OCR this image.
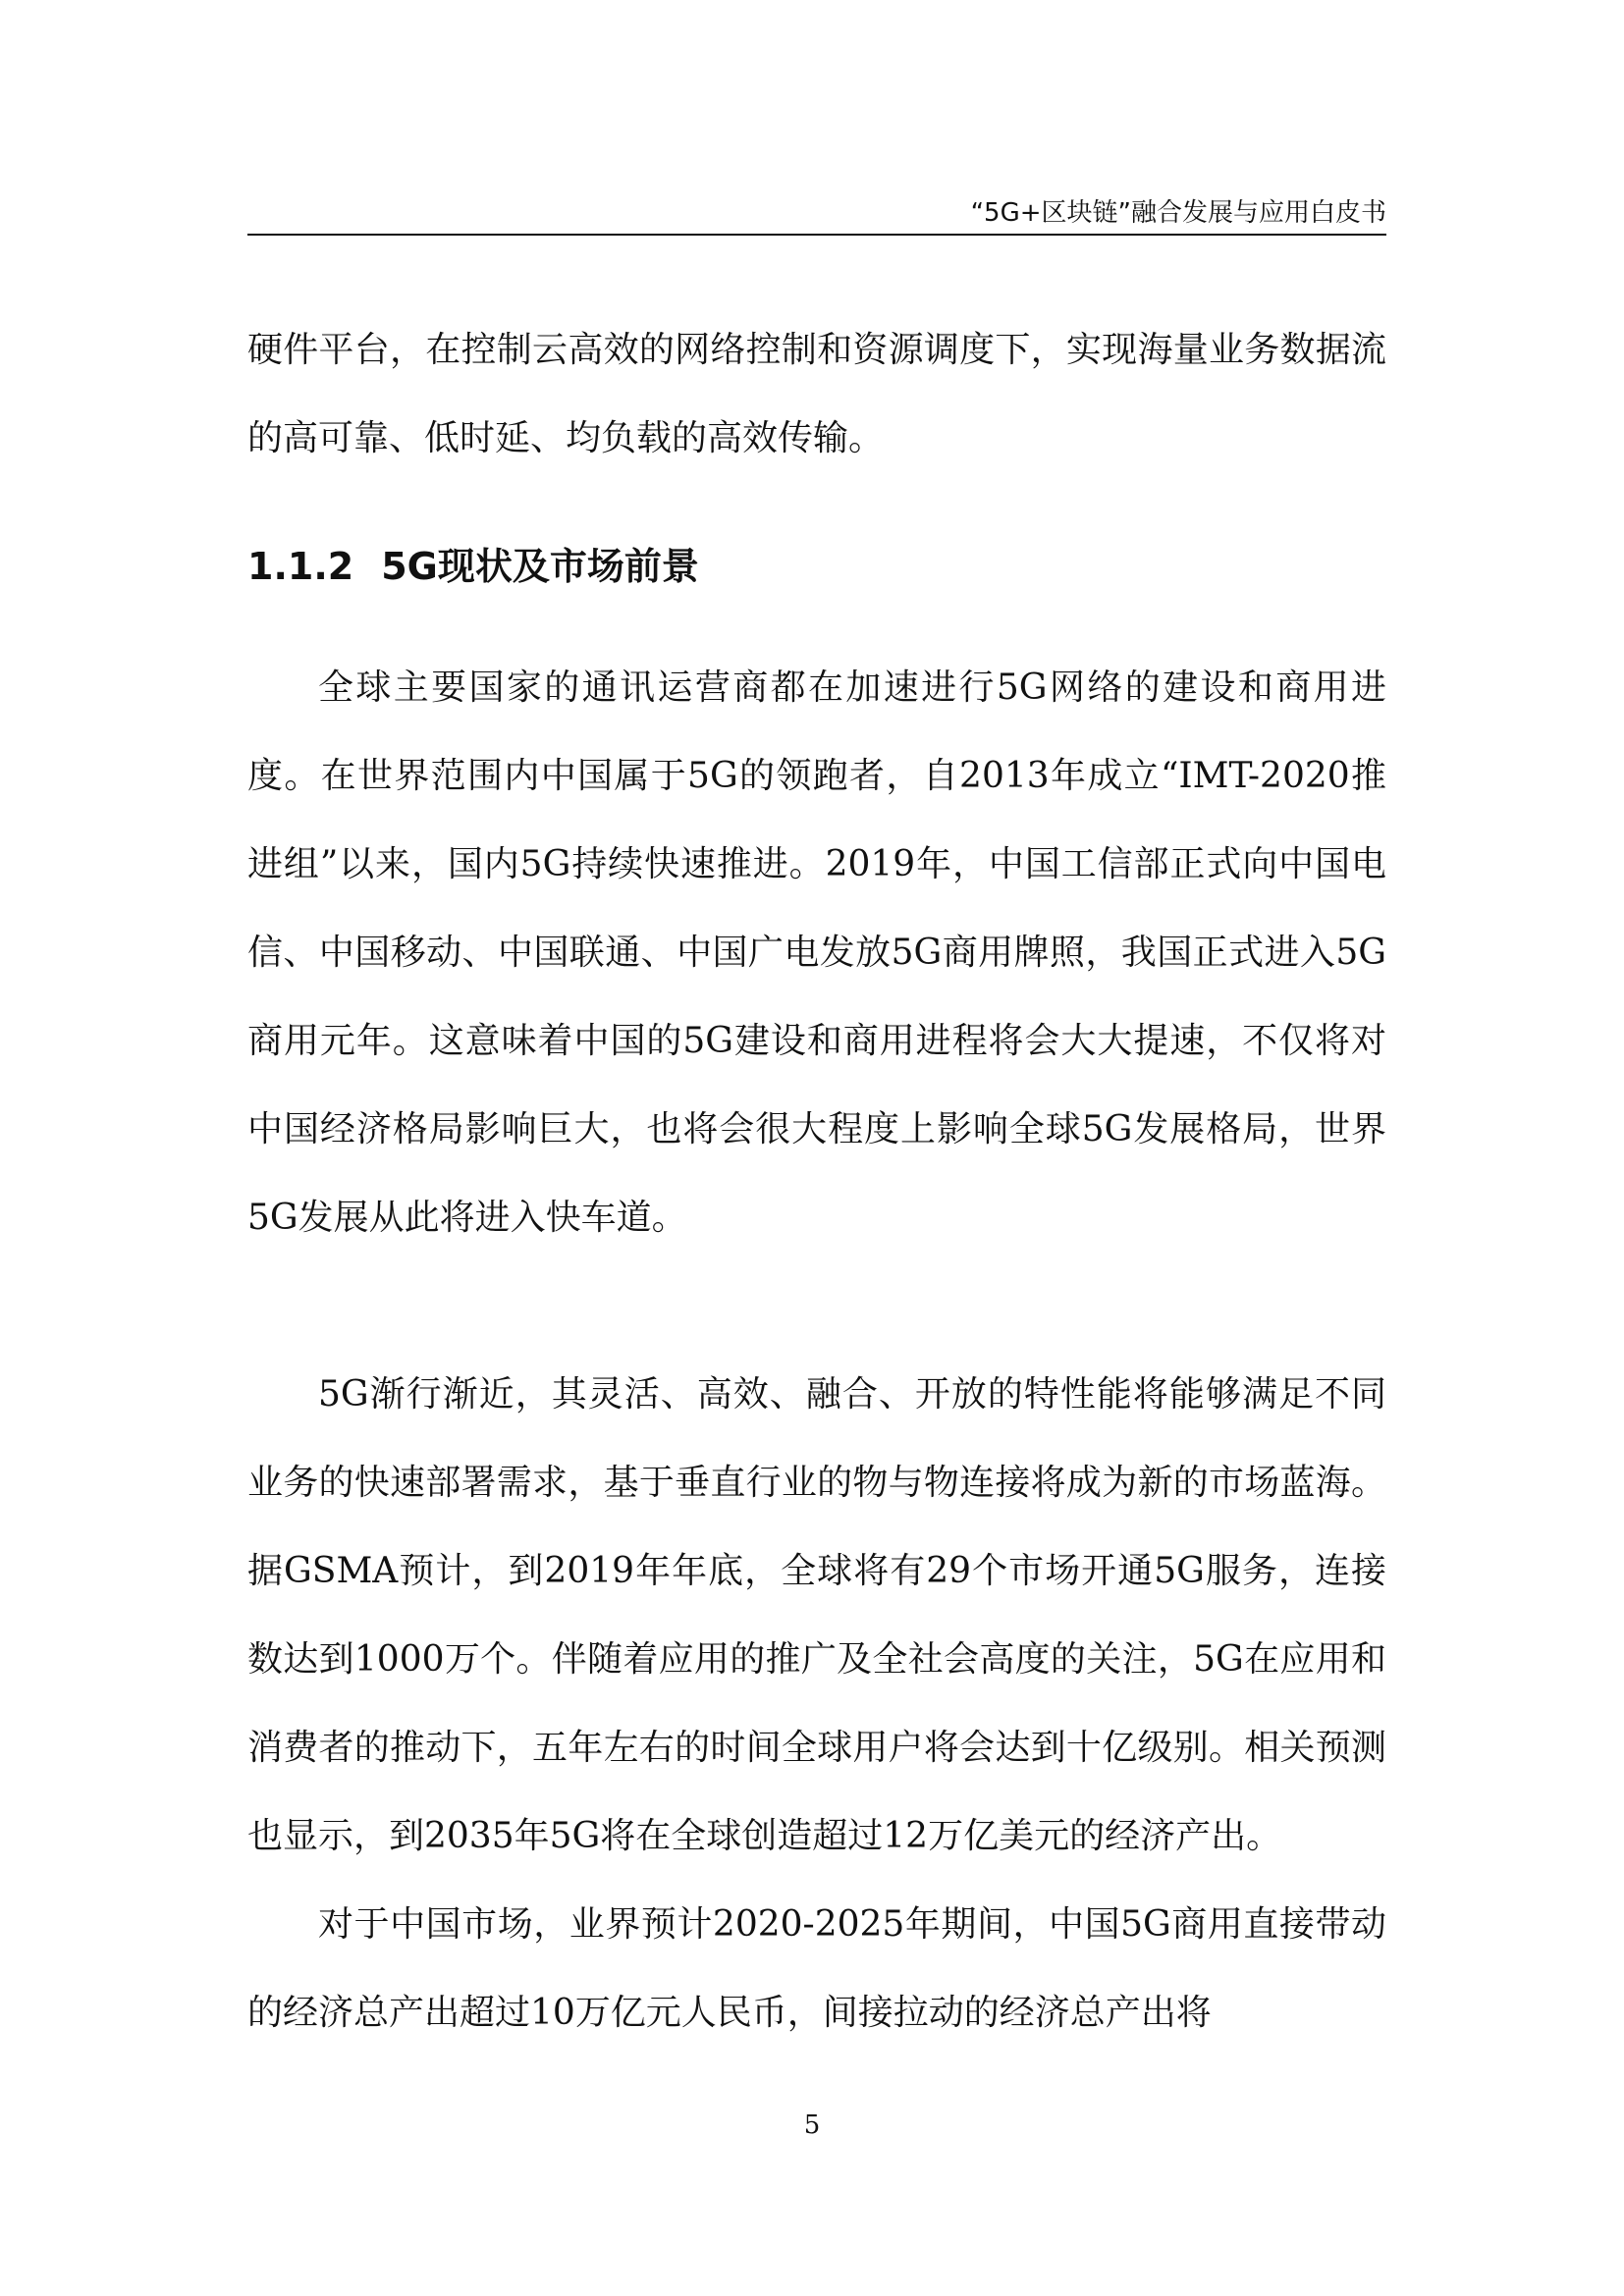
“5G+区块链”融合发展与应用白皮书

硬件平台，在控制云高效的网络控制和资源调度下，实现海量业务数据流的高可靠、低时延、均负载的高效传输。

1.1.2 5G现状及市场前景

全球主要国家的通讯运营商都在加速进行5G网络的建设和商用进度。在世界范围内中国属于5G的领跑者，自2013年成立“IMT-2020推进组”以来，国内5G持续快速推进。2019年，中国工信部正式向中国电信、中国移动、中国联通、中国广电发放5G商用牌照，我国正式进入5G商用元年。这意味着中国的5G建设和商用进程将会大大提速，不仅将对中国经济格局影响巨大，也将会很大程度上影响全球5G发展格局，世界5G发展从此将进入快车道。

5G渐行渐近，其灵活、高效、融合、开放的特性能将能够满足不同业务的快速部署需求，基于垂直行业的物与物连接将成为新的市场蓝海。据GSMA预计，到2019年年底，全球将有29个市场开通5G服务，连接数达到1000万个。伴随着应用的推广及全社会高度的关注，5G在应用和消费者的推动下，五年左右的时间全球用户将会达到十亿级别。相关预测也显示，到2035年5G将在全球创造超过12万亿美元的经济产出。

对于中国市场，业界预计2020-2025年期间，中国5G商用直接带动的经济总产出超过10万亿元人民币，间接拉动的经济总产出将

5
